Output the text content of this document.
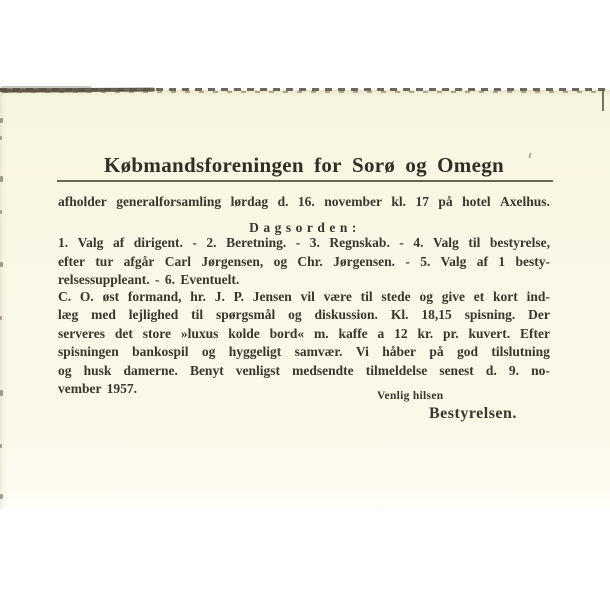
Købmandsforeningen for Sorø og Omegn
afholder generalforsamling lørdag d. 16. november kl. 17 på hotel Axelhus.
Dagsorden:
1. Valg af dirigent. - 2. Beretning. - 3. Regnskab. - 4. Valg til bestyrelse,
efter tur afgår Carl Jørgensen, og Chr. Jørgensen. - 5. Valg af 1 besty-
relsessuppleant. - 6. Eventuelt.
C. O. øst formand, hr. J. P. Jensen vil være til stede og give et kort ind-
læg med lejlighed til spørgsmål og diskussion. Kl. 18,15 spisning. Der
serveres det store »luxus kolde bord« m. kaffe a 12 kr. pr. kuvert. Efter
spisningen bankospil og hyggeligt samvær. Vi håber på god tilslutning
og husk damerne. Benyt venligst medsendte tilmeldelse senest d. 9. no-
vember 1957.	Venlig hilsen
Bestyrelsen.
